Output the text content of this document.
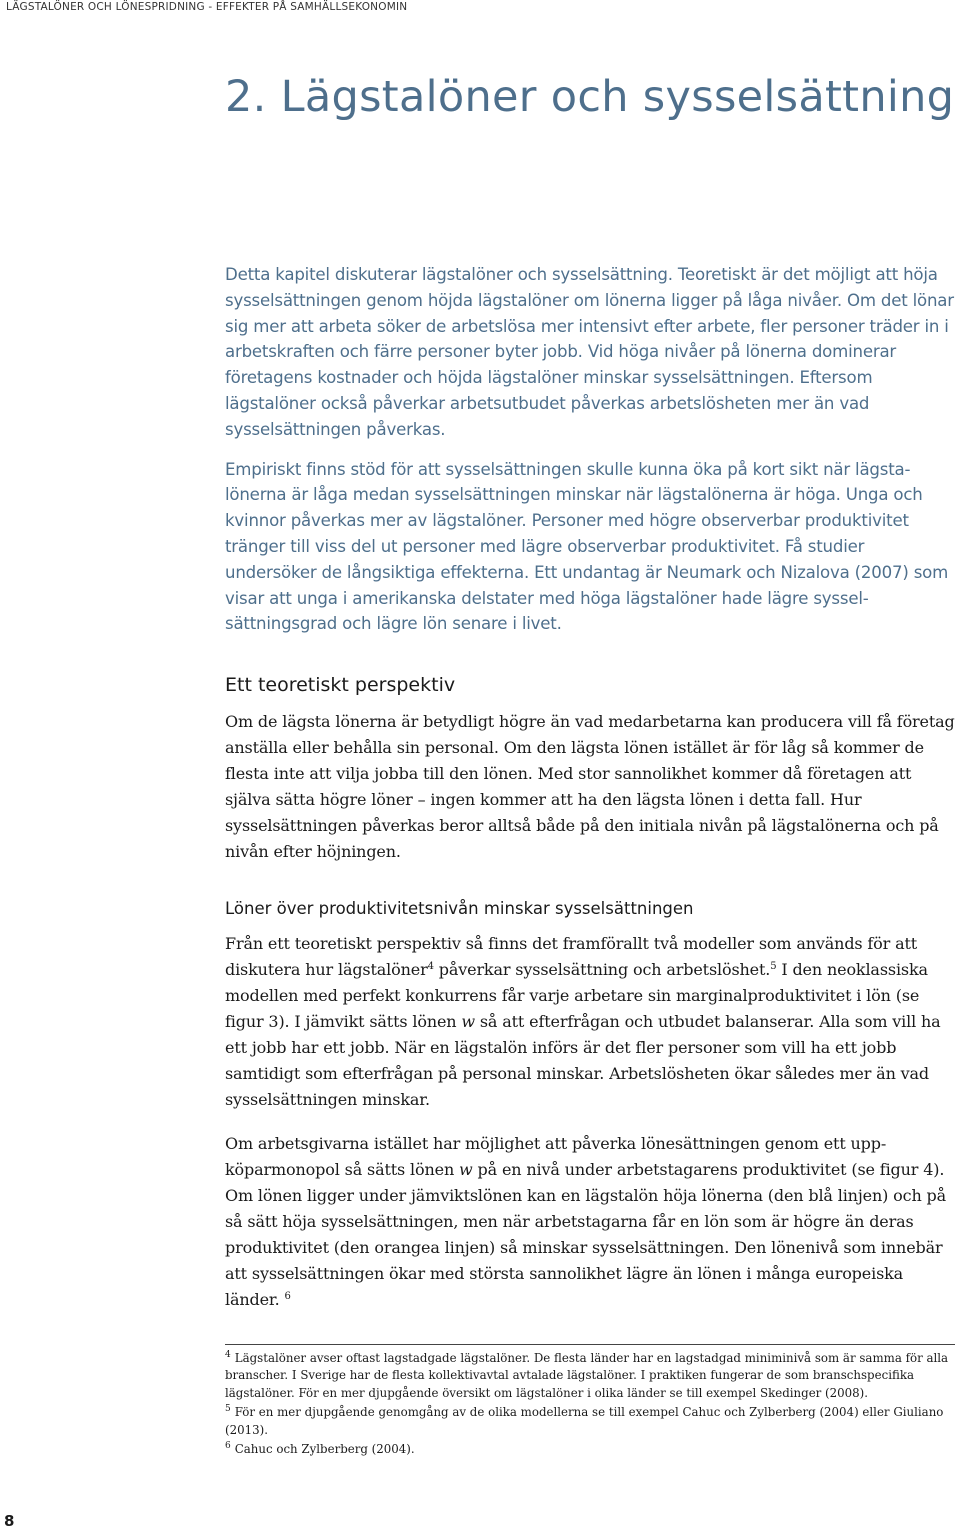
LÄGSTALÖNER OCH LÖNESPRIDNING - EFFEKTER PÅ SAMHÄLLSEKONOMIN
2. Lägstalöner och sysselsättning

Detta kapitel diskuterar lägstalöner och sysselsättning. Teoretiskt är det möjligt att höja sysselsättningen genom höjda lägstalöner om lönerna ligger på låga nivåer. Om det lönar sig mer att arbeta söker de arbetslösa mer intensivt efter arbete, fler personer träder in i arbetskraften och färre personer byter jobb. Vid höga nivåer på lönerna dominerar företagens kostnader och höjda lägstalöner minskar sysselsättningen. Eftersom lägstalöner också påverkar arbetsutbudet påverkas arbetslösheten mer än vad sysselsättningen påverkas.

Empiriskt finns stöd för att sysselsättningen skulle kunna öka på kort sikt när lägstalönerna är låga medan sysselsättningen minskar när lägstalönerna är höga. Unga och kvinnor påverkas mer av lägstalöner. Personer med högre observerbar produktivitet tränger till viss del ut personer med lägre observerbar produktivitet. Få studier undersöker de långsiktiga effekterna. Ett undantag är Neumark och Nizalova (2007) som visar att unga i amerikanska delstater med höga lägstalöner hade lägre sysselsättningsgrad och lägre lön senare i livet.

Ett teoretiskt perspektiv

Om de lägsta lönerna är betydligt högre än vad medarbetarna kan producera vill få företag anställa eller behålla sin personal. Om den lägsta lönen istället är för låg så kommer de flesta inte att vilja jobba till den lönen. Med stor sannolikhet kommer då företagen att själva sätta högre löner – ingen kommer att ha den lägsta lönen i detta fall. Hur sysselsättningen påverkas beror alltså både på den initiala nivån på lägstalönerna och på nivån efter höjningen.

Löner över produktivitetsnivån minskar sysselsättningen

Från ett teoretiskt perspektiv så finns det framförallt två modeller som används för att diskutera hur lägstalöner$^4$ påverkar sysselsättning och arbetslöshet.$^5$ I den neoklassiska modellen med perfekt konkurrens får varje arbetare sin marginalproduktivitet i lön (se figur 3). I jämvikt sätts lönen w så att efterfrågan och utbudet balanserar. Alla som vill ha ett jobb har ett jobb. När en lägstalön införs är det fler personer som vill ha ett jobb samtidigt som efterfrågan på personal minskar. Arbetslösheten ökar således mer än vad sysselsättningen minskar.

Om arbetsgivarna istället har möjlighet att påverka lönesättningen genom ett uppköparmonopol så sätts lönen w på en nivå under arbetstagarens produktivitet (se figur 4). Om lönen ligger under jämviktslönen kan en lägstalön höja lönerna (den blå linjen) och på så sätt höja sysselsättningen, men när arbetstagarna får en lön som är högre än deras produktivitet (den orangea linjen) så minskar sysselsättningen. Den lönenivå som innebär att sysselsättningen ökar med största sannolikhet lägre än lönen i många europeiska länder. $^6$

$^4$ Lägstalöner avser oftast lagstadgade lägstalöner. De flesta länder har en lagstadgad miniminivå som är samma för alla branscher. I Sverige har de flesta kollektivavtal avtalade lägstalöner. I praktiken fungerar de som branschspecifika lägstalöner. För en mer djupgående översikt om lägstalöner i olika länder se till exempel Skedinger (2008).

$^5$ För en mer djupgående genomgång av de olika modellerna se till exempel Cahuc och Zylberberg (2004) eller Giuliano (2013).

$^6$ Cahuc och Zylberberg (2004).

8
